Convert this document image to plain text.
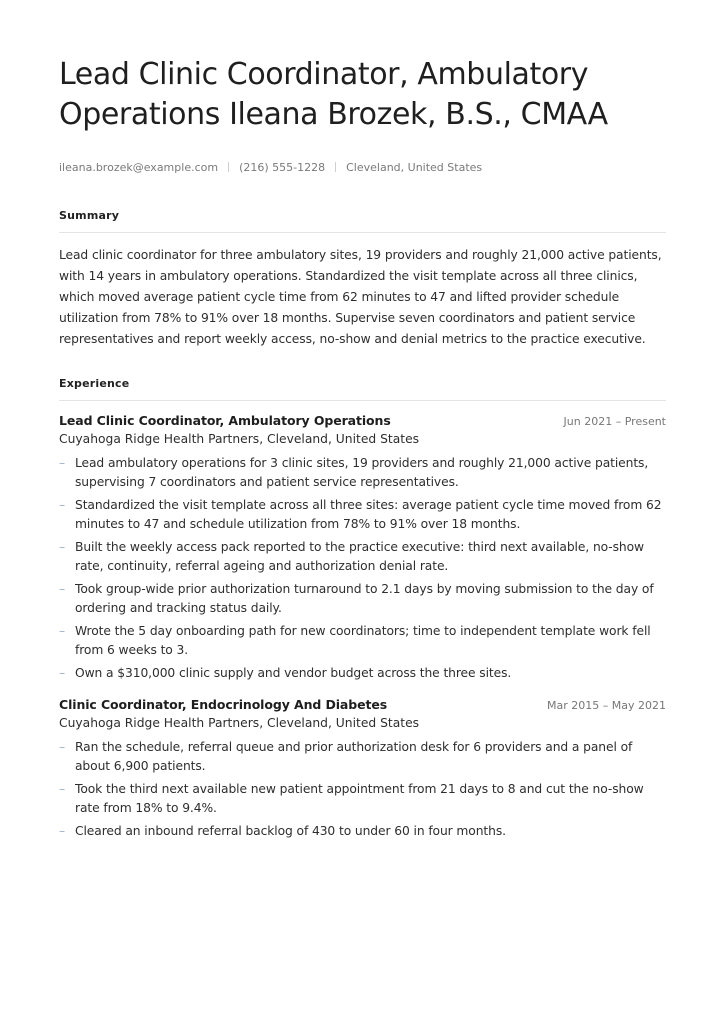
Lead Clinic Coordinator, Ambulatory Operations Ileana Brozek, B.S., CMAA
ileana.brozek@example.com (216) 555-1228 Cleveland, United States
Summary

Lead clinic coordinator for three ambulatory sites, 19 providers and roughly 21,000 active patients, with 14 years in ambulatory operations. Standardized the visit template across all three clinics, which moved average patient cycle time from 62 minutes to 47 and lifted provider schedule utilization from 78% to 91% over 18 months. Supervise seven coordinators and patient service representatives and report weekly access, no-show and denial metrics to the practice executive.

Experience
Lead Clinic Coordinator, Ambulatory Operations	Jun 2021 – Present
Cuyahoga Ridge Health Partners, Cleveland, United States
– Lead ambulatory operations for 3 clinic sites, 19 providers and roughly 21,000 active patients, supervising 7 coordinators and patient service representatives.
– Standardized the visit template across all three sites: average patient cycle time moved from 62 minutes to 47 and schedule utilization from 78% to 91% over 18 months.
– Built the weekly access pack reported to the practice executive: third next available, no-show rate, continuity, referral ageing and authorization denial rate.
– Took group-wide prior authorization turnaround to 2.1 days by moving submission to the day of ordering and tracking status daily.
– Wrote the 5 day onboarding path for new coordinators; time to independent template work fell from 6 weeks to 3.
– Own a $310,000 clinic supply and vendor budget across the three sites.
Clinic Coordinator, Endocrinology And Diabetes	Mar 2015 – May 2021
Cuyahoga Ridge Health Partners, Cleveland, United States
– Ran the schedule, referral queue and prior authorization desk for 6 providers and a panel of about 6,900 patients.
– Took the third next available new patient appointment from 21 days to 8 and cut the no-show rate from 18% to 9.4%.
– Cleared an inbound referral backlog of 430 to under 60 in four months.
